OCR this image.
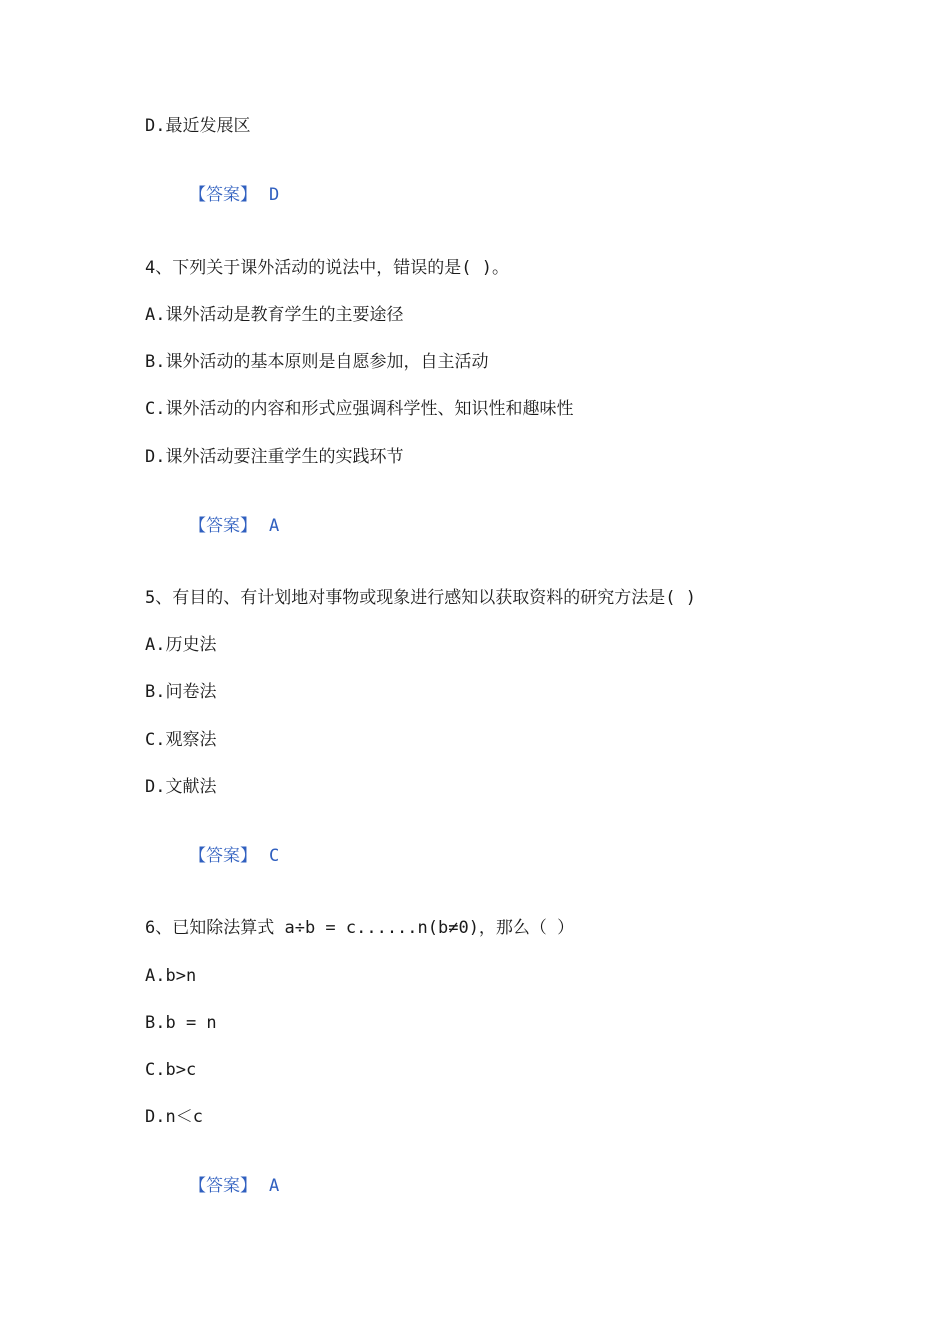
D.最近发展区

【答案】 D

4、下列关于课外活动的说法中，错误的是( )。
A.课外活动是教育学生的主要途径
B.课外活动的基本原则是自愿参加，自主活动
C.课外活动的内容和形式应强调科学性、知识性和趣味性
D.课外活动要注重学生的实践环节

【答案】 A

5、有目的、有计划地对事物或现象进行感知以获取资料的研究方法是( )
A.历史法
B.问卷法
C.观察法
D.文献法

【答案】 C

6、已知除法算式 a÷b = c......n(b≠0)，那么（ ）
A.b>n
B.b = n
C.b>c
D.n＜c

【答案】 A
